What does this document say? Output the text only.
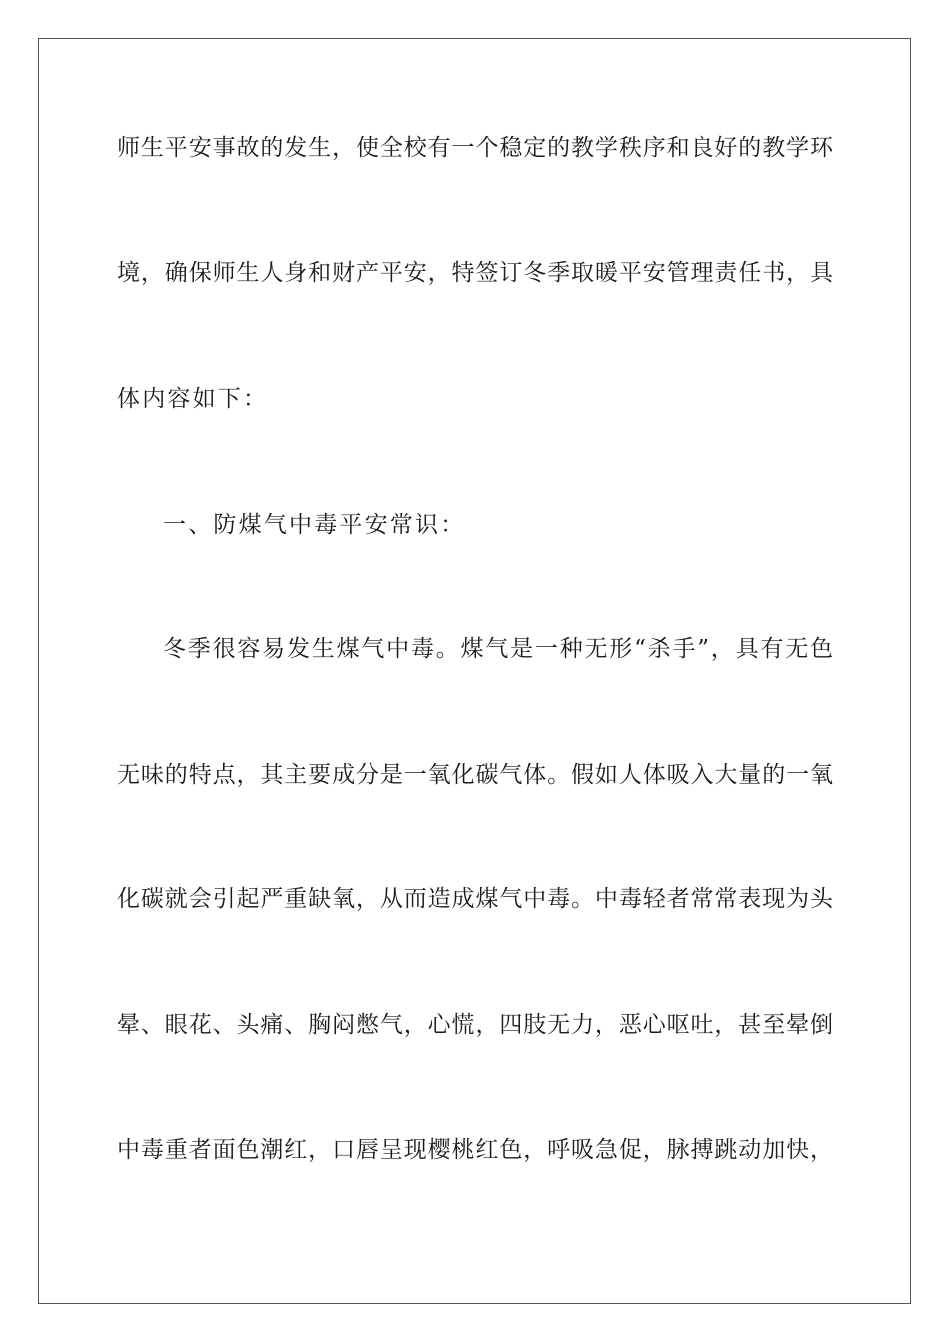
师生平安事故的发生，使全校有一个稳定的教学秩序和良好的教学环
境，确保师生人身和财产平安，特签订冬季取暖平安管理责任书，具
体内容如下：
一、防煤气中毒平安常识：
冬季很容易发生煤气中毒。煤气是一种无形“杀手”，具有无色
无味的特点，其主要成分是一氧化碳气体。假如人体吸入大量的一氧
化碳就会引起严重缺氧，从而造成煤气中毒。中毒轻者常常表现为头
晕、眼花、头痛、胸闷憋气，心慌，四肢无力，恶心呕吐，甚至晕倒
中毒重者面色潮红，口唇呈现樱桃红色，呼吸急促，脉搏跳动加快，
